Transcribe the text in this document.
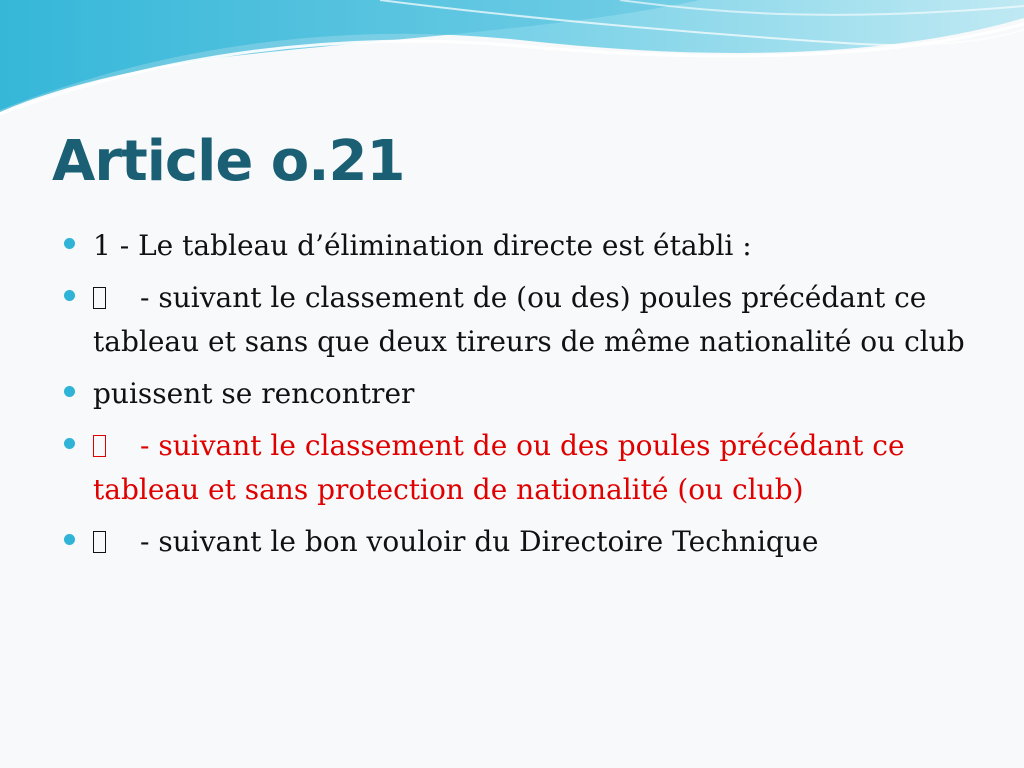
Article o.21
1 - Le tableau d’élimination directe est établi :
- suivant le classement de (ou des) poules précédant ce tableau et sans que deux tireurs de même nationalité ou club
puissent se rencontrer
- suivant le classement de ou des poules précédant ce tableau et sans protection de nationalité (ou club)
- suivant le bon vouloir du Directoire Technique
